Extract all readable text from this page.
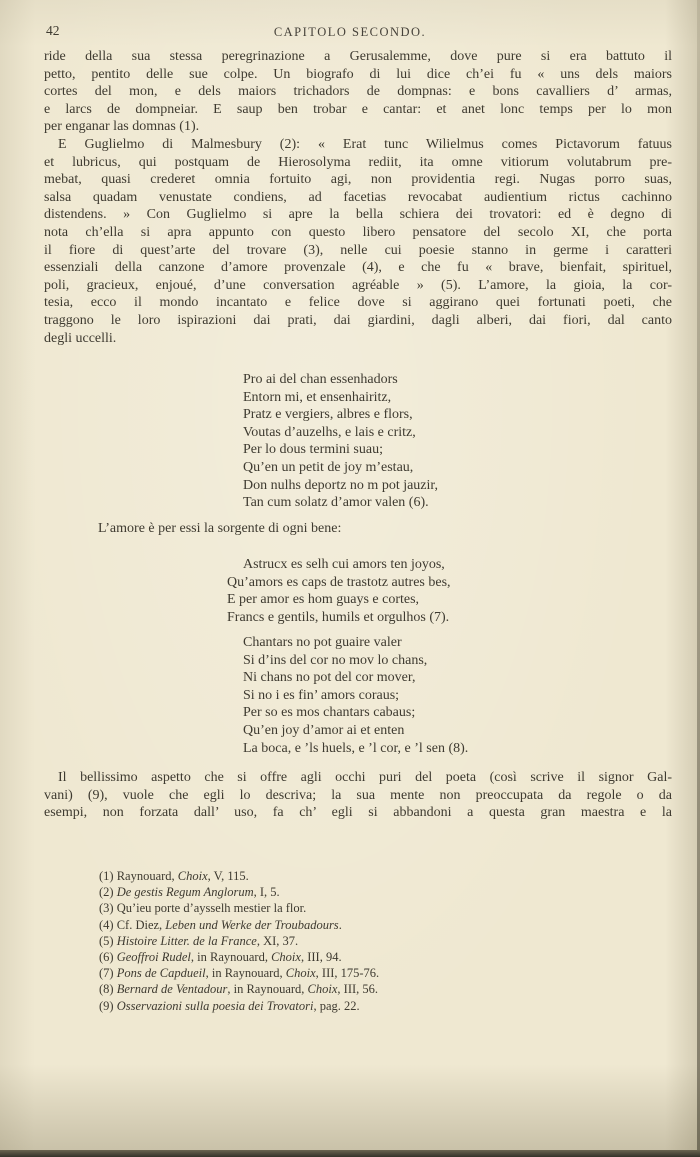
42	CAPITOLO SECONDO.
ride della sua stessa peregrinazione a Gerusalemme, dove pure si era battuto il
petto, pentito delle sue colpe. Un biografo di lui dice ch’ei fu « uns dels maiors
cortes del mon, e dels maiors trichadors de dompnas: e bons cavalliers d’ armas,
e larcs de dompneiar. E saup ben trobar e cantar: et anet lonc temps per lo mon
per enganar las domnas (1).
E Guglielmo di Malmesbury (2): « Erat tunc Wilielmus comes Pictavorum fatuus
et lubricus, qui postquam de Hierosolyma rediit, ita omne vitiorum volutabrum pre-
mebat, quasi crederet omnia fortuito agi, non providentia regi. Nugas porro suas,
salsa quadam venustate condiens, ad facetias revocabat audientium rictus cachinno
distendens. » Con Guglielmo si apre la bella schiera dei trovatori: ed è degno di
nota ch’ella si apra appunto con questo libero pensatore del secolo XI, che porta
il fiore di quest’arte del trovare (3), nelle cui poesie stanno in germe i caratteri
essenziali della canzone d’amore provenzale (4), e che fu « brave, bienfait, spirituel,
poli, gracieux, enjoué, d’une conversation agréable » (5). L’amore, la gioia, la cor-
tesia, ecco il mondo incantato e felice dove si aggirano quei fortunati poeti, che
traggono le loro ispirazioni dai prati, dai giardini, dagli alberi, dai fiori, dal canto
degli uccelli.
Pro ai del chan essenhadors
Entorn mi, et ensenhairitz,
Pratz e vergiers, albres e flors,
Voutas d’auzelhs, e lais e critz,
Per lo dous termini suau;
Qu’en un petit de joy m’estau,
Don nulhs deportz no m pot jauzir,
Tan cum solatz d’amor valen (6).
L’amore è per essi la sorgente di ogni bene:
Astrucx es selh cui amors ten joyos,
Qu’amors es caps de trastotz autres bes,
E per amor es hom guays e cortes,
Francs e gentils, humils et orgulhos (7).
Chantars no pot guaire valer
Si d’ins del cor no mov lo chans,
Ni chans no pot del cor mover,
Si no i es fin’ amors coraus;
Per so es mos chantars cabaus;
Qu’en joy d’amor ai et enten
La boca, e ’ls huels, e ’l cor, e ’l sen (8).
Il bellissimo aspetto che si offre agli occhi puri del poeta (così scrive il signor Gal-
vani) (9), vuole che egli lo descriva; la sua mente non preoccupata da regole o da
esempi, non forzata dall’ uso, fa ch’ egli si abbandoni a questa gran maestra e la
(1) Raynouard, Choix, V, 115.
(2) De gestis Regum Anglorum, I, 5.
(3) Qu’ieu porte d’aysselh mestier la flor.
(4) Cf. Diez, Leben und Werke der Troubadours.
(5) Histoire Litter. de la France, XI, 37.
(6) Geoffroi Rudel, in Raynouard, Choix, III, 94.
(7) Pons de Capdueil, in Raynouard, Choix, III, 175-76.
(8) Bernard de Ventadour, in Raynouard, Choix, III, 56.
(9) Osservazioni sulla poesia dei Trovatori, pag. 22.
